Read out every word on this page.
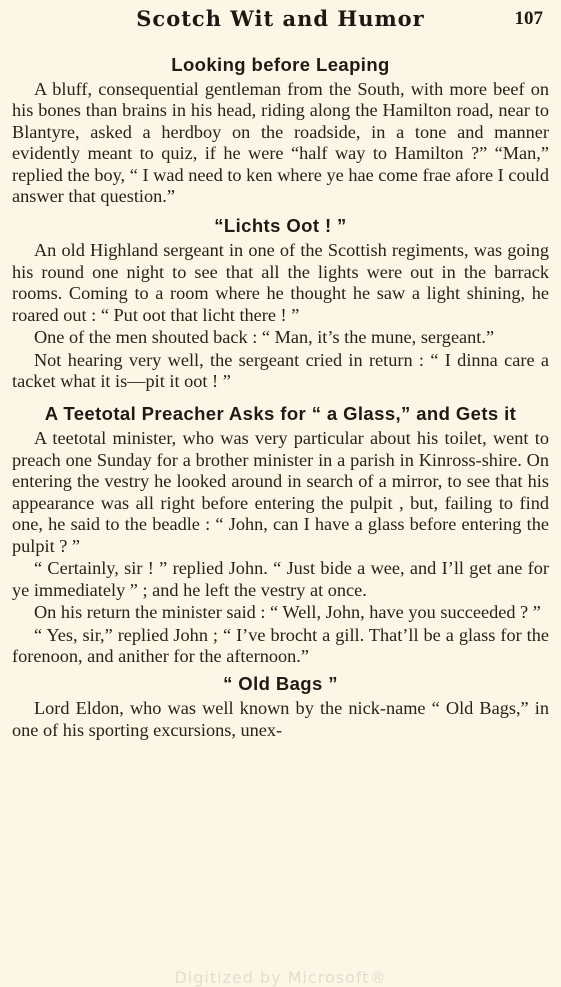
Scotch Wit and Humor	107
Looking before Leaping

A bluff, consequential gentleman from the South, with more beef on his bones than brains in his head, riding along the Hamilton road, near to Blantyre, asked a herdboy on the roadside, in a tone and manner evidently meant to quiz, if he were “half way to Hamilton ?” “Man,” replied the boy, “ I wad need to ken where ye hae come frae afore I could answer that question.”

“Lichts Oot ! ”

An old Highland sergeant in one of the Scottish regiments, was going his round one night to see that all the lights were out in the barrack rooms. Coming to a room where he thought he saw a light shining, he roared out : “ Put oot that licht there ! ”

One of the men shouted back : “ Man, it’s the mune, sergeant.”

Not hearing very well, the sergeant cried in return : “ I dinna care a tacket what it is—pit it oot ! ”

A Teetotal Preacher Asks for “ a Glass,” and Gets it

A teetotal minister, who was very particular about his toilet, went to preach one Sunday for a brother minister in a parish in Kinross-shire. On entering the vestry he looked around in search of a mirror, to see that his appearance was all right before entering the pulpit , but, failing to find one, he said to the beadle : “ John, can I have a glass before entering the pulpit ? ”

“ Certainly, sir ! ” replied John. “ Just bide a wee, and I’ll get ane for ye immediately ” ; and he left the vestry at once.

On his return the minister said : “ Well, John, have you succeeded ? ”

“ Yes, sir,” replied John ; “ I’ve brocht a gill. That’ll be a glass for the forenoon, and anither for the afternoon.”

“ Old Bags ”

Lord Eldon, who was well known by the nick-name “ Old Bags,” in one of his sporting excursions, unex-

Digitized by Microsoft®
